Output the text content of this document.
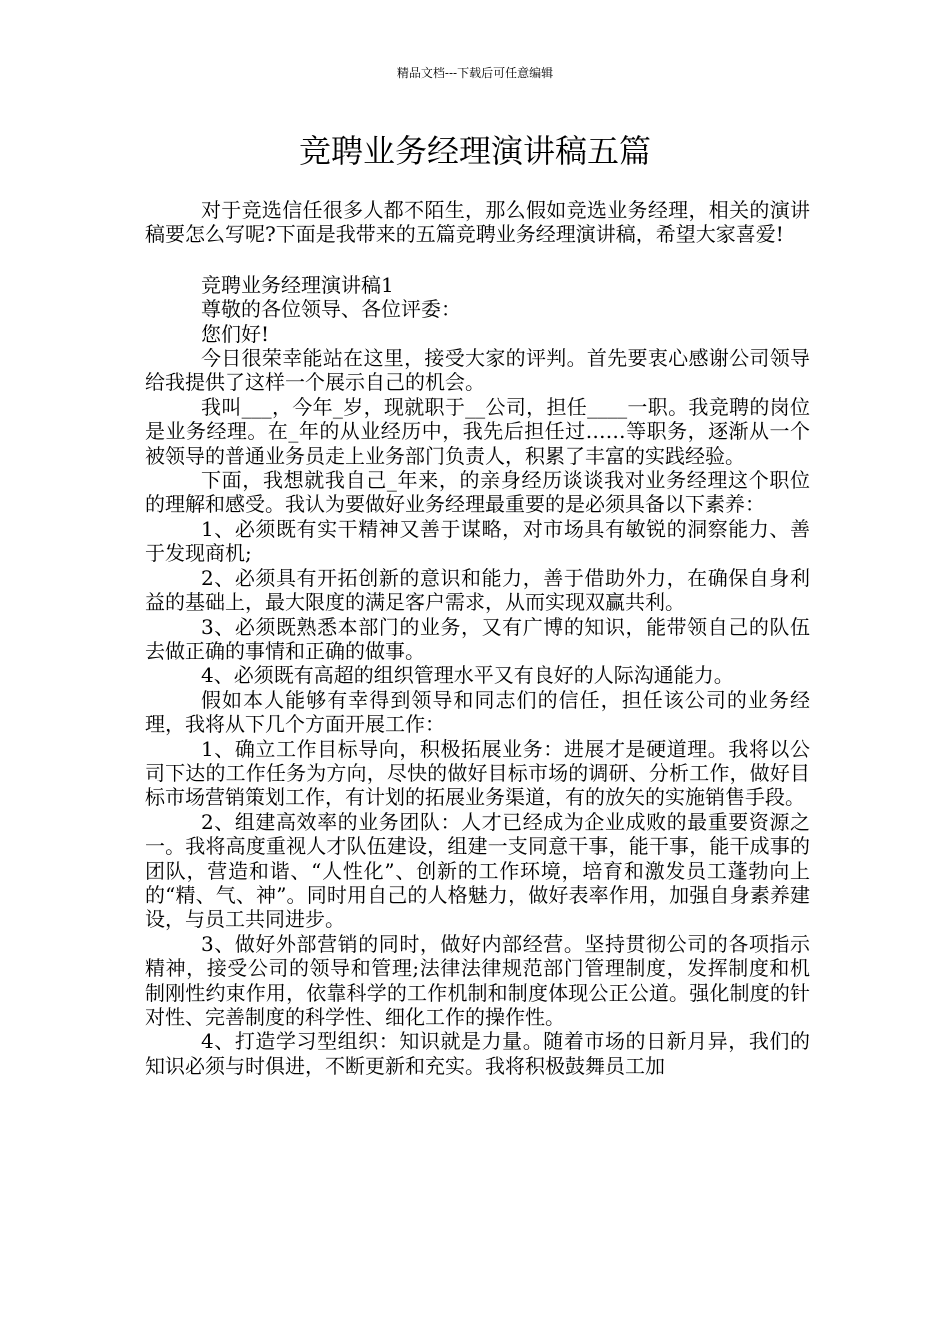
精品文档---下载后可任意编辑
竞聘业务经理演讲稿五篇

对于竞选信任很多人都不陌生，那么假如竞选业务经理，相关的演讲稿要怎么写呢?下面是我带来的五篇竞聘业务经理演讲稿，希望大家喜爱!

竞聘业务经理演讲稿1

尊敬的各位领导、各位评委：

您们好!

今日很荣幸能站在这里，接受大家的评判。首先要衷心感谢公司领导给我提供了这样一个展示自己的机会。

我叫___，今年_岁，现就职于__公司，担任____一职。我竞聘的岗位是业务经理。在_年的从业经历中，我先后担任过……等职务，逐渐从一个被领导的普通业务员走上业务部门负责人，积累了丰富的实践经验。

下面，我想就我自己_年来，的亲身经历谈谈我对业务经理这个职位的理解和感受。我认为要做好业务经理最重要的是必须具备以下素养：

1、必须既有实干精神又善于谋略，对市场具有敏锐的洞察能力、善于发现商机;

2、必须具有开拓创新的意识和能力，善于借助外力，在确保自身利益的基础上，最大限度的满足客户需求，从而实现双赢共利。

3、必须既熟悉本部门的业务，又有广博的知识，能带领自己的队伍去做正确的事情和正确的做事。

4、必须既有高超的组织管理水平又有良好的人际沟通能力。

假如本人能够有幸得到领导和同志们的信任，担任该公司的业务经理，我将从下几个方面开展工作：

1、确立工作目标导向，积极拓展业务：进展才是硬道理。我将以公司下达的工作任务为方向，尽快的做好目标市场的调研、分析工作，做好目标市场营销策划工作，有计划的拓展业务渠道，有的放矢的实施销售手段。

2、组建高效率的业务团队：人才已经成为企业成败的最重要资源之一。我将高度重视人才队伍建设，组建一支同意干事，能干事，能干成事的团队，营造和谐、“人性化”、创新的工作环境，培育和激发员工蓬勃向上的“精、气、神”。同时用自己的人格魅力，做好表率作用，加强自身素养建设，与员工共同进步。

3、做好外部营销的同时，做好内部经营。坚持贯彻公司的各项指示精神，接受公司的领导和管理;法律法律规范部门管理制度，发挥制度和机制刚性约束作用，依靠科学的工作机制和制度体现公正公道。强化制度的针对性、完善制度的科学性、细化工作的操作性。

4、打造学习型组织：知识就是力量。随着市场的日新月异，我们的知识必须与时俱进，不断更新和充实。我将积极鼓舞员工加
